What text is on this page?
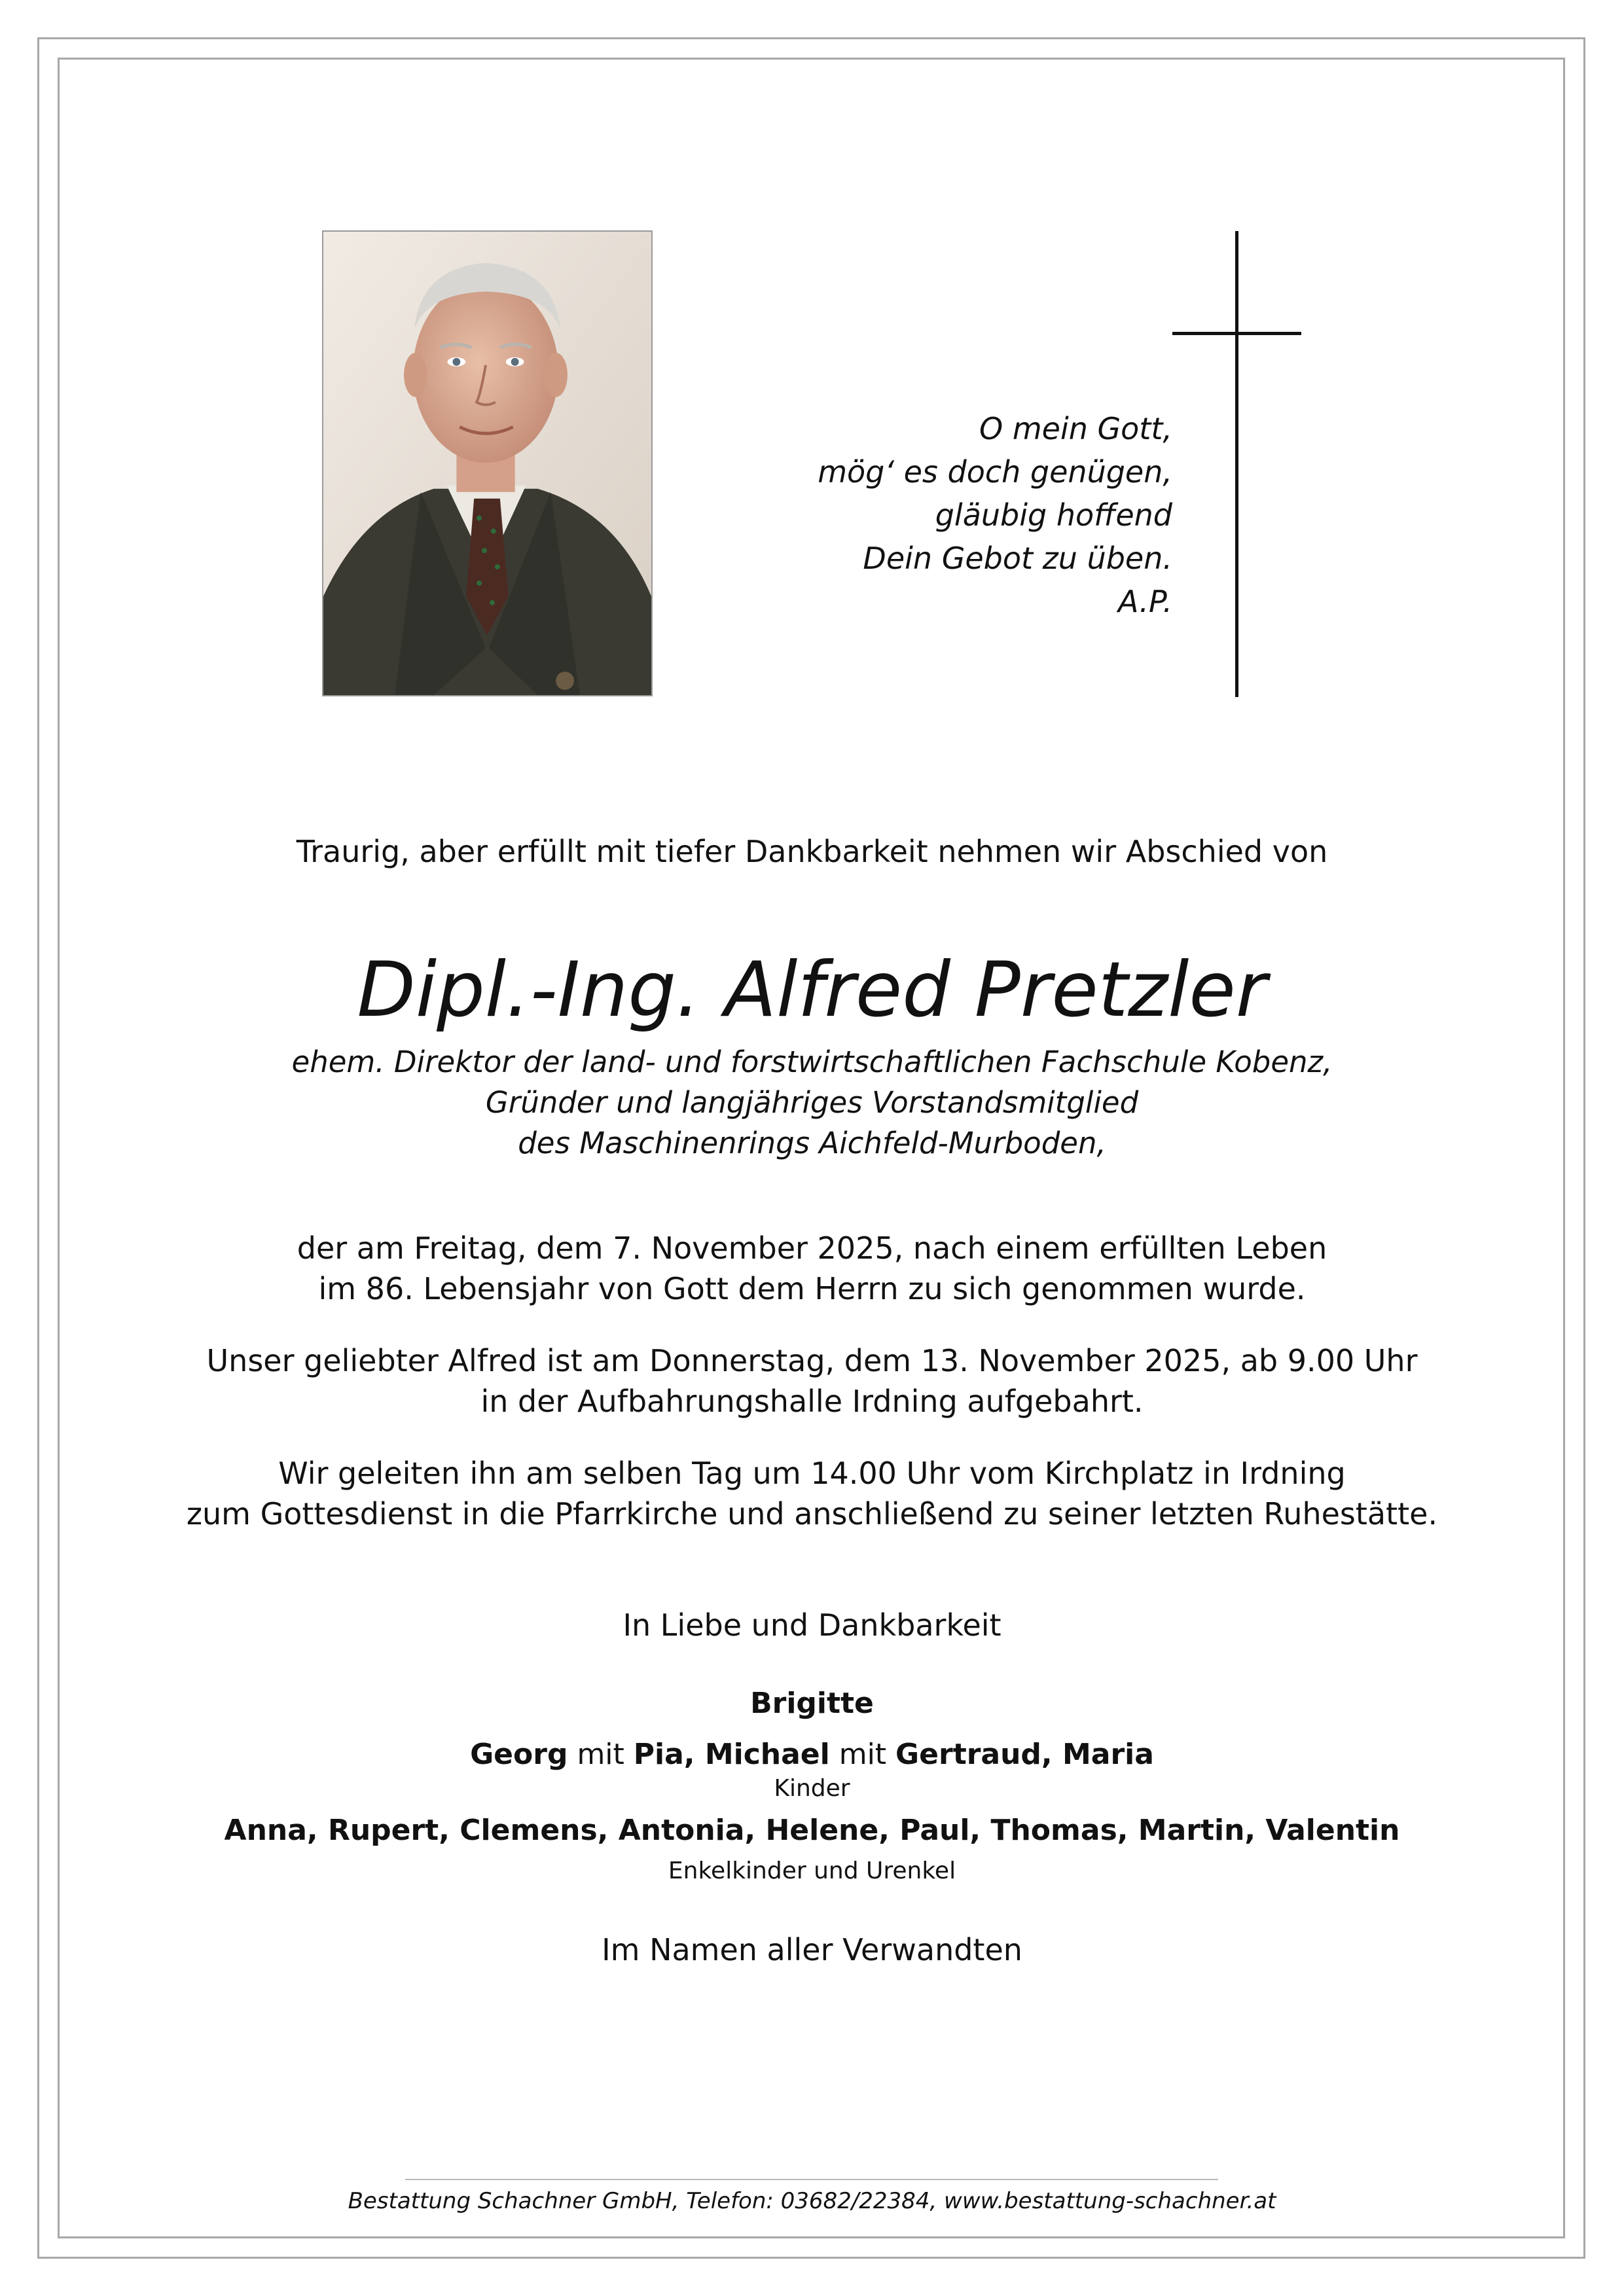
O mein Gott,
mög‘ es doch genügen,
gläubig hoffend
Dein Gebot zu üben.
A.P.
Traurig, aber erfüllt mit tiefer Dankbarkeit nehmen wir Abschied von
Dipl.-Ing. Alfred Pretzler
ehem. Direktor der land- und forstwirtschaftlichen Fachschule Kobenz,
Gründer und langjähriges Vorstandsmitglied
des Maschinenrings Aichfeld-Murboden,
der am Freitag, dem 7. November 2025, nach einem erfüllten Leben
im 86. Lebensjahr von Gott dem Herrn zu sich genommen wurde.
Unser geliebter Alfred ist am Donnerstag, dem 13. November 2025, ab 9.00 Uhr
in der Aufbahrungshalle Irdning aufgebahrt.
Wir geleiten ihn am selben Tag um 14.00 Uhr vom Kirchplatz in Irdning
zum Gottesdienst in die Pfarrkirche und anschließend zu seiner letzten Ruhestätte.
In Liebe und Dankbarkeit
Brigitte
Georg mit Pia, Michael mit Gertraud, Maria
Kinder
Anna, Rupert, Clemens, Antonia, Helene, Paul, Thomas, Martin, Valentin
Enkelkinder und Urenkel
Im Namen aller Verwandten
Bestattung Schachner GmbH, Telefon: 03682/22384, www.bestattung-schachner.at
